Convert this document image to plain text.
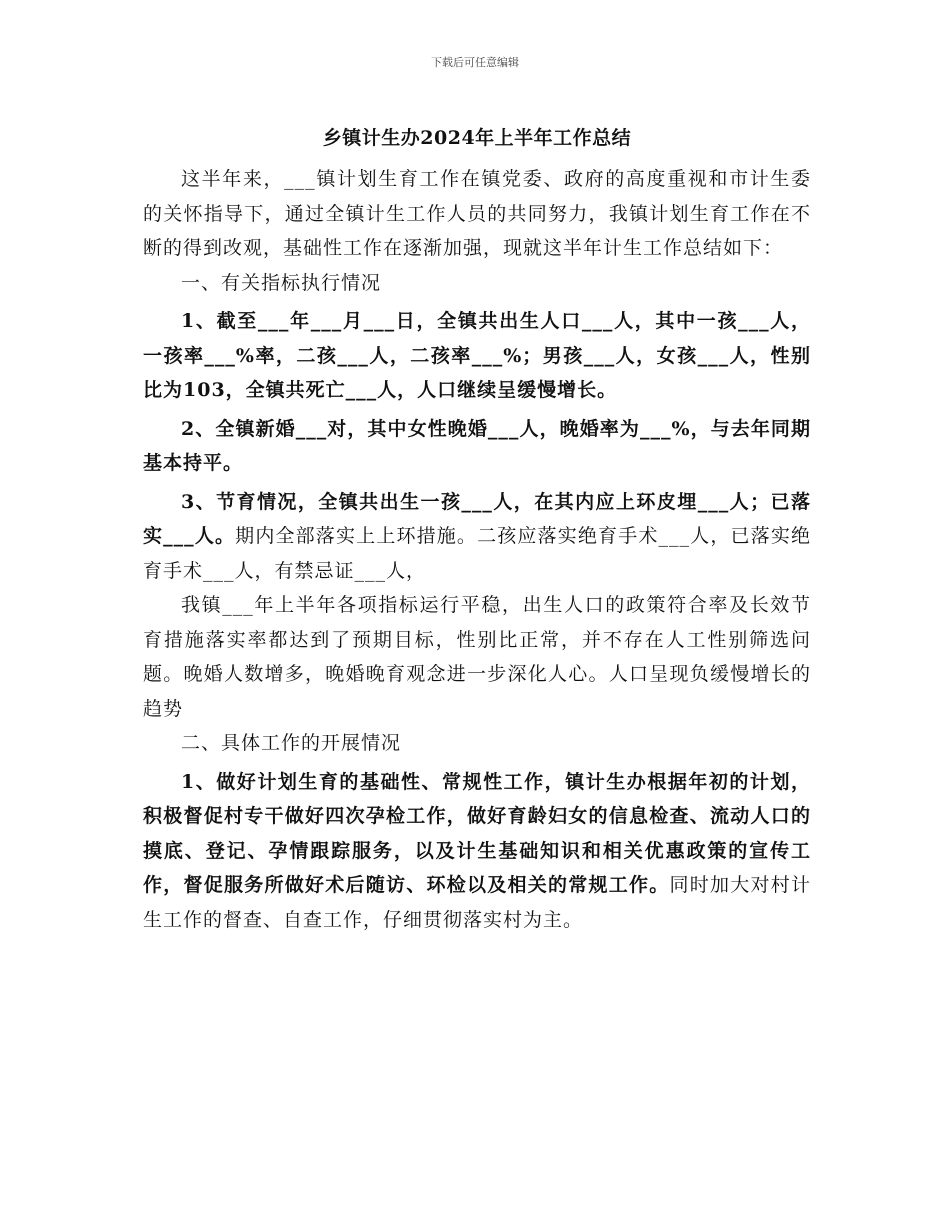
下载后可任意编辑
乡镇计生办2024年上半年工作总结

这半年来，___镇计划生育工作在镇党委、政府的高度重视和市计生委的关怀指导下，通过全镇计生工作人员的共同努力，我镇计划生育工作在不断的得到改观，基础性工作在逐渐加强，现就这半年计生工作总结如下：

一、有关指标执行情况

1、截至___年___月___日，全镇共出生人口___人，其中一孩___人，一孩率___%率，二孩___人，二孩率___%；男孩___人，女孩___人，性别比为103，全镇共死亡___人，人口继续呈缓慢增长。

2、全镇新婚___对，其中女性晚婚___人，晚婚率为___%，与去年同期基本持平。

3、节育情况，全镇共出生一孩___人，在其内应上环皮埋___人；已落实___人。期内全部落实上上环措施。二孩应落实绝育手术___人，已落实绝育手术___人，有禁忌证___人，

我镇___年上半年各项指标运行平稳，出生人口的政策符合率及长效节育措施落实率都达到了预期目标，性别比正常，并不存在人工性别筛选问题。晚婚人数增多，晚婚晚育观念进一步深化人心。人口呈现负缓慢增长的趋势

二、具体工作的开展情况

1、做好计划生育的基础性、常规性工作，镇计生办根据年初的计划，积极督促村专干做好四次孕检工作，做好育龄妇女的信息检查、流动人口的摸底、登记、孕情跟踪服务，以及计生基础知识和相关优惠政策的宣传工作，督促服务所做好术后随访、环检以及相关的常规工作。同时加大对村计生工作的督查、自查工作，仔细贯彻落实村为主。
